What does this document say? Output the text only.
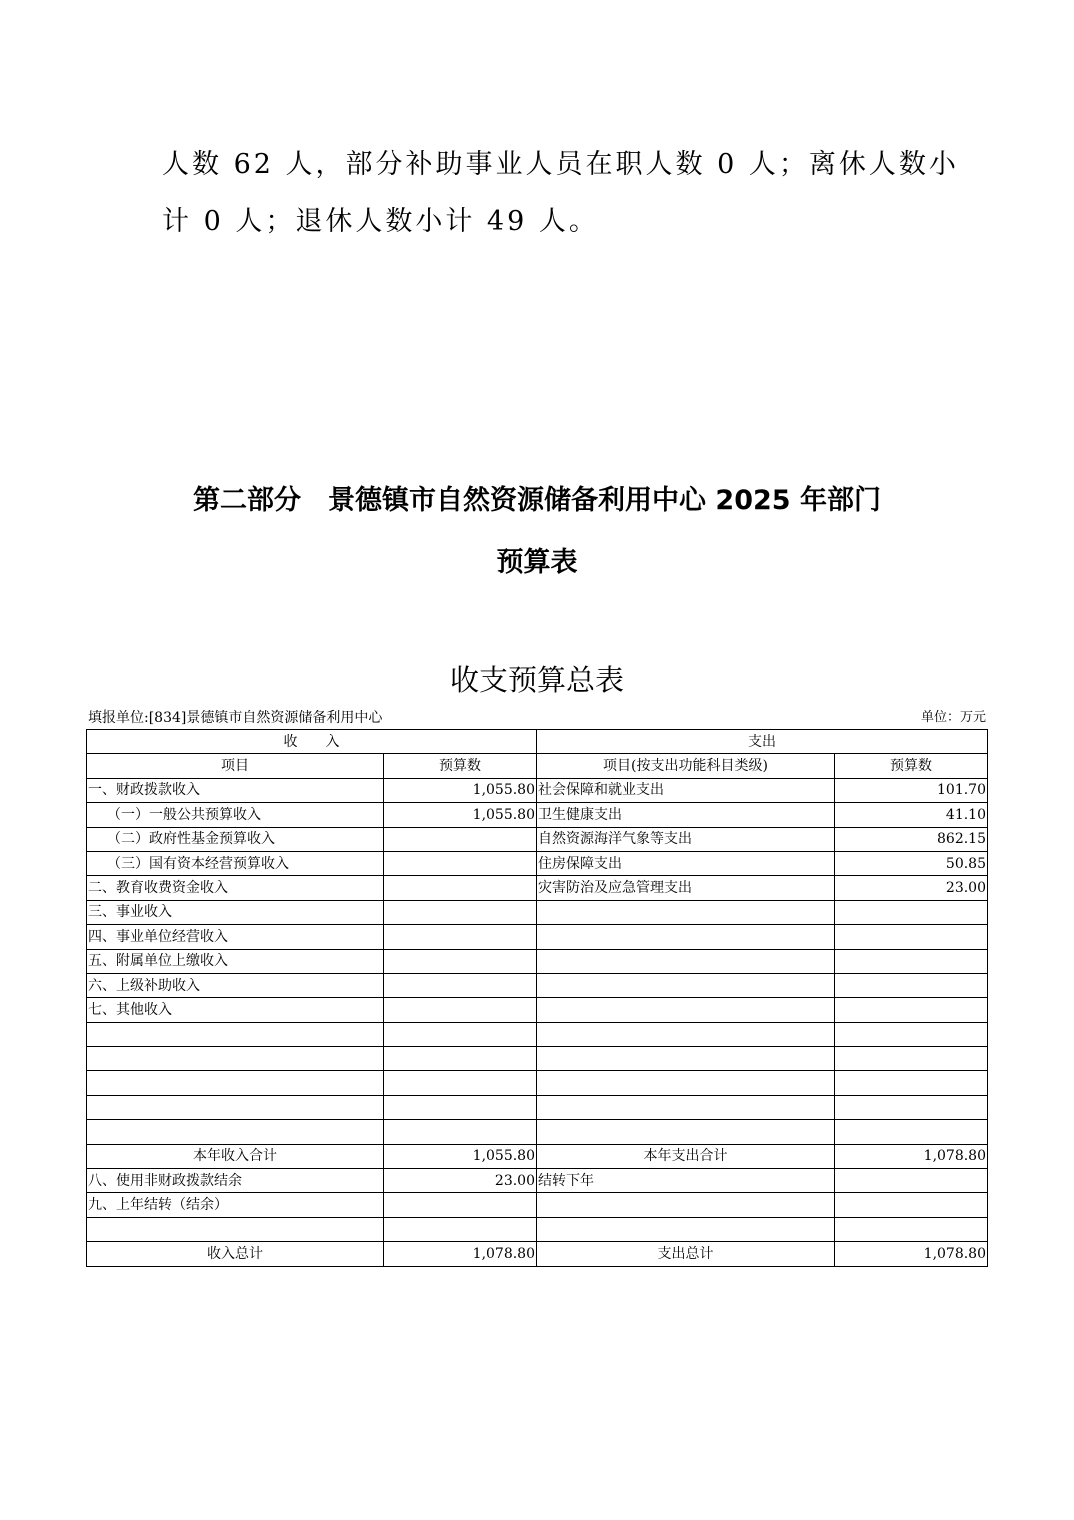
人数 62 人，部分补助事业人员在职人数 0 人；离休人数小

计 0 人；退休人数小计 49 人。

第二部分　景德镇市自然资源储备利用中心 2025 年部门
预算表
收支预算总表
填报单位:[834]景德镇市自然资源储备利用中心	单位：万元
收　　入		支出	
项目	预算数	项目(按支出功能科目类级)	预算数
一、财政拨款收入	1,055.80	社会保障和就业支出	101.70
（一）一般公共预算收入	1,055.80	卫生健康支出	41.10
（二）政府性基金预算收入		自然资源海洋气象等支出	862.15
（三）国有资本经营预算收入		住房保障支出	50.85
二、教育收费资金收入		灾害防治及应急管理支出	23.00
三、事业收入			
四、事业单位经营收入			
五、附属单位上缴收入			
六、上级补助收入			
七、其他收入			

本年收入合计	1,055.80	本年支出合计	1,078.80
八、使用非财政拨款结余	23.00	结转下年	
九、上年结转（结余）			

收入总计	1,078.80	支出总计	1,078.80
